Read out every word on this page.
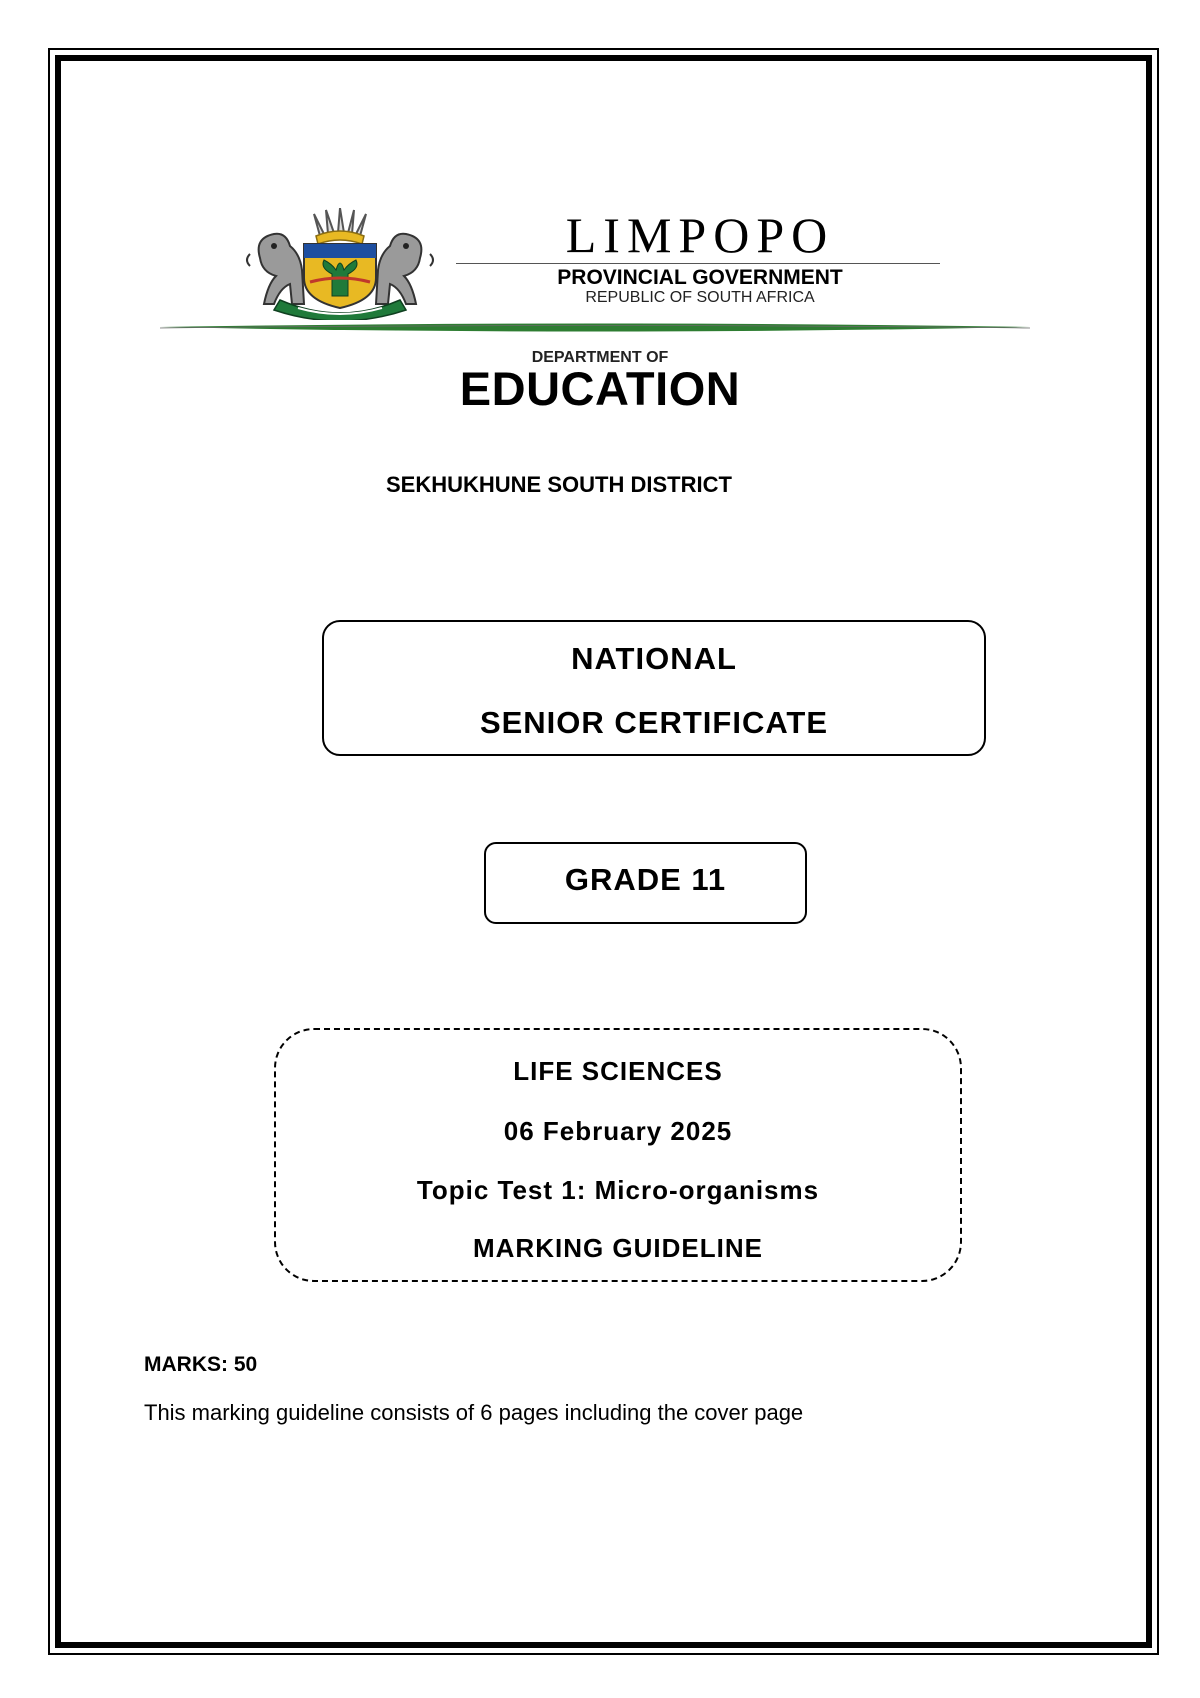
LIMPOPO
PROVINCIAL GOVERNMENT
REPUBLIC OF SOUTH AFRICA
DEPARTMENT OF
EDUCATION
SEKHUKHUNE SOUTH DISTRICT
NATIONAL
SENIOR CERTIFICATE
GRADE 11
LIFE SCIENCES
06 February 2025
Topic Test 1: Micro-organisms
MARKING GUIDELINE
MARKS: 50
This marking guideline consists of 6 pages including the cover page
